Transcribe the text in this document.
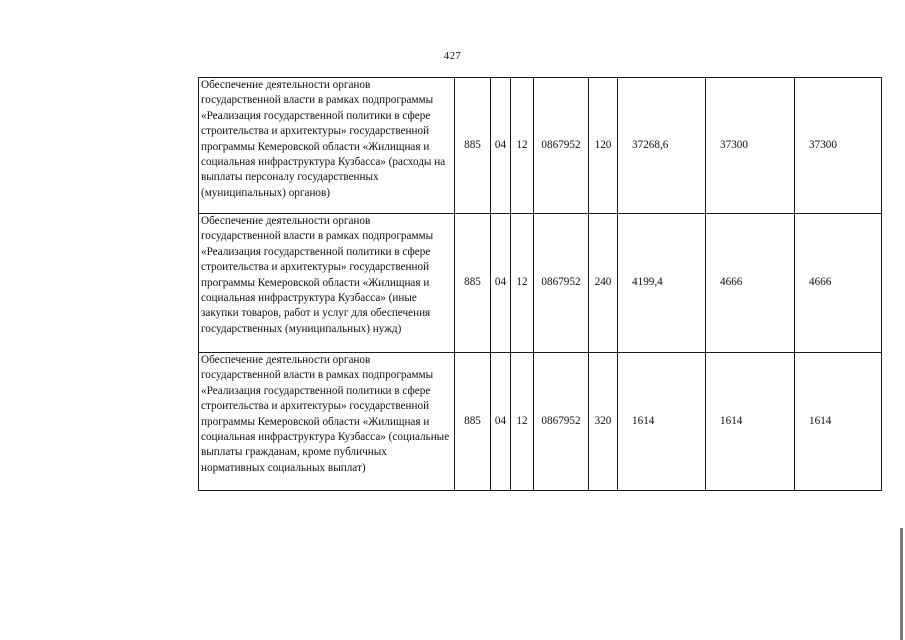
427
Обеспечение деятельности органов государственной власти в рамках подпрограммы «Реализация государственной политики в сфере строительства и архитектуры» государственной программы Кемеровской области «Жилищная и социальная инфраструктура Кузбасса» (расходы на выплаты персоналу государственных (муниципальных) органов)	885	04	12	0867952	120	37268,6	37300	37300
Обеспечение деятельности органов государственной власти в рамках подпрограммы «Реализация государственной политики в сфере строительства и архитектуры» государственной программы Кемеровской области «Жилищная и социальная инфраструктура Кузбасса» (иные закупки товаров, работ и услуг для обеспечения государственных (муниципальных) нужд)	885	04	12	0867952	240	4199,4	4666	4666
Обеспечение деятельности органов государственной власти в рамках подпрограммы «Реализация государственной политики в сфере строительства и архитектуры» государственной программы Кемеровской области «Жилищная и социальная инфраструктура Кузбасса» (социальные выплаты гражданам, кроме публичных нормативных социальных выплат)	885	04	12	0867952	320	1614	1614	1614
